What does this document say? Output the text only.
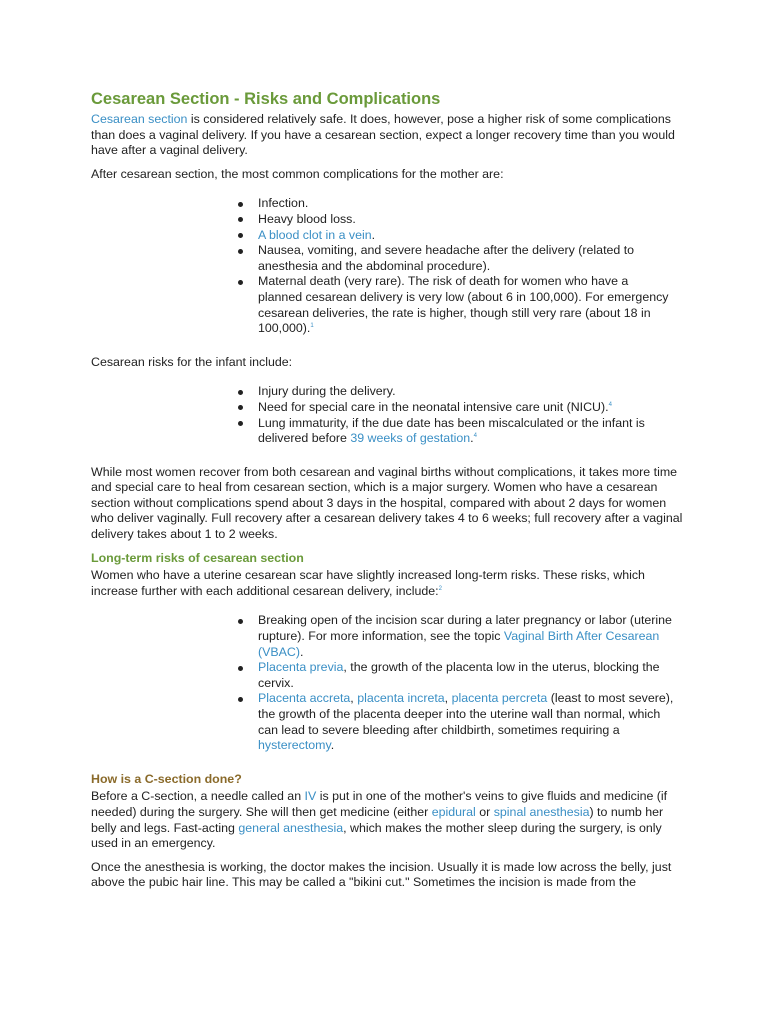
Cesarean Section - Risks and Complications

Cesarean section is considered relatively safe. It does, however, pose a higher risk of some complications than does a vaginal delivery. If you have a cesarean section, expect a longer recovery time than you would have after a vaginal delivery.

After cesarean section, the most common complications for the mother are:

Infection.
Heavy blood loss.
A blood clot in a vein.
Nausea, vomiting, and severe headache after the delivery (related to anesthesia and the abdominal procedure).
Maternal death (very rare). The risk of death for women who have a planned cesarean delivery is very low (about 6 in 100,000). For emergency cesarean deliveries, the rate is higher, though still very rare (about 18 in 100,000).$^1$

Cesarean risks for the infant include:

Injury during the delivery.
Need for special care in the neonatal intensive care unit (NICU).$^4$
Lung immaturity, if the due date has been miscalculated or the infant is delivered before 39 weeks of gestation.$^4$

While most women recover from both cesarean and vaginal births without complications, it takes more time and special care to heal from cesarean section, which is a major surgery. Women who have a cesarean section without complications spend about 3 days in the hospital, compared with about 2 days for women who deliver vaginally. Full recovery after a cesarean delivery takes 4 to 6 weeks; full recovery after a vaginal delivery takes about 1 to 2 weeks.

Long-term risks of cesarean section

Women who have a uterine cesarean scar have slightly increased long-term risks. These risks, which increase further with each additional cesarean delivery, include:$^2$

Breaking open of the incision scar during a later pregnancy or labor (uterine rupture). For more information, see the topic Vaginal Birth After Cesarean (VBAC).
Placenta previa, the growth of the placenta low in the uterus, blocking the cervix.
Placenta accreta, placenta increta, placenta percreta (least to most severe), the growth of the placenta deeper into the uterine wall than normal, which can lead to severe bleeding after childbirth, sometimes requiring a hysterectomy.
How is a C-section done?

Before a C-section, a needle called an IV is put in one of the mother's veins to give fluids and medicine (if needed) during the surgery. She will then get medicine (either epidural or spinal anesthesia) to numb her belly and legs. Fast-acting general anesthesia, which makes the mother sleep during the surgery, is only used in an emergency.

Once the anesthesia is working, the doctor makes the incision. Usually it is made low across the belly, just above the pubic hair line. This may be called a "bikini cut." Sometimes the incision is made from the
